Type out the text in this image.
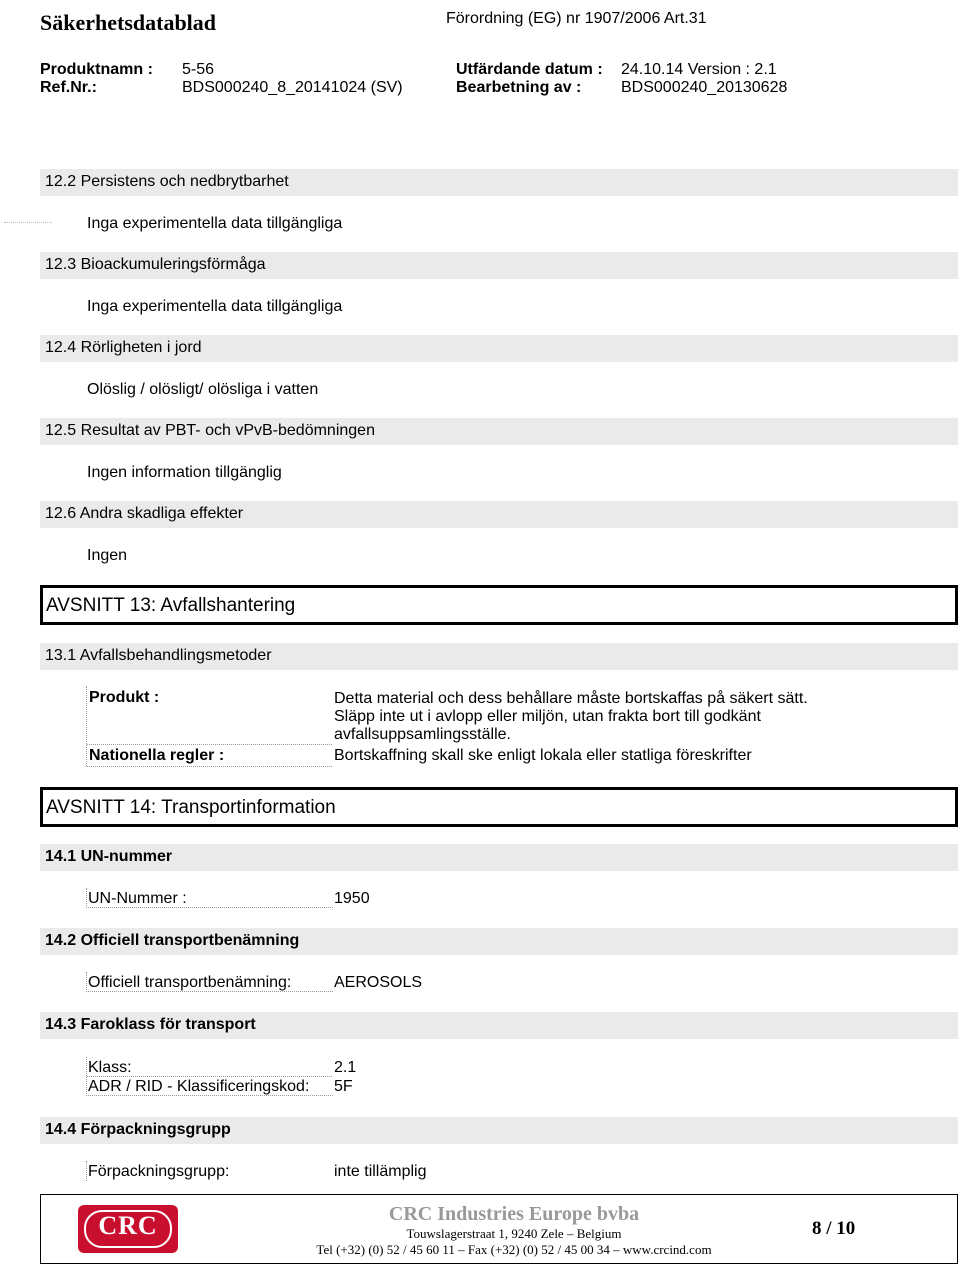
Säkerhetsdatablad	Förordning (EG) nr 1907/2006 Art.31
Produktnamn : 5-56	Utfärdande datum : 24.10.14 Version : 2.1
Ref.Nr.:	BDS000240_8_20141024 (SV)	Bearbetning av : BDS000240_20130628
12.2 Persistens och nedbrytbarhet
Inga experimentella data tillgängliga
12.3 Bioackumuleringsförmåga
Inga experimentella data tillgängliga
12.4 Rörligheten i jord
Olöslig / olösligt/ olösliga i vatten
12.5 Resultat av PBT- och vPvB-bedömningen
Ingen information tillgänglig
12.6 Andra skadliga effekter
Ingen
AVSNITT 13: Avfallshantering
13.1 Avfallsbehandlingsmetoder
Produkt :	Detta material och dess behållare måste bortskaffas på säkert sätt.
Släpp inte ut i avlopp eller miljön, utan frakta bort till godkänt
avfallsuppsamlingsställe.
Nationella regler :	Bortskaffning skall ske enligt lokala eller statliga föreskrifter
AVSNITT 14: Transportinformation
14.1 UN-nummer
UN-Nummer :	1950
14.2 Officiell transportbenämning
Officiell transportbenämning:	AEROSOLS
14.3 Faroklass för transport
Klass:	2.1
ADR / RID - Klassificeringskod: 5F
14.4 Förpackningsgrupp
Förpackningsgrupp:	inte tillämplig
CRC	CRC Industries Europe bvba
Touwslagerstraat 1, 9240 Zele – Belgium
Tel (+32) (0) 52 / 45 60 11 – Fax (+32) (0) 52 / 45 00 34 – www.crcind.com
8 / 10
